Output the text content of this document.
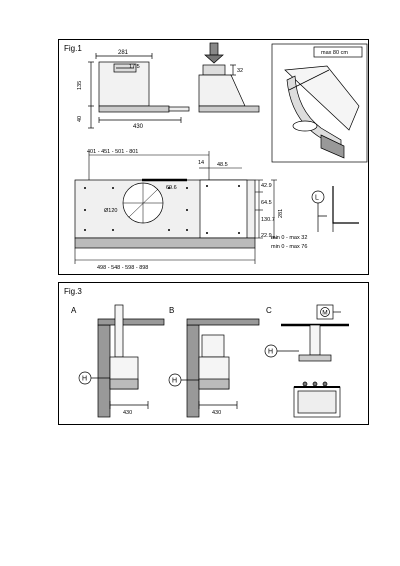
Fig.1	281
17.5
135
40
430
32
max 80 cm
401 - 451 - 501 - 801
14 48.5
69.6
Ø120
42.9
64.5
130.7
22.9
281
498 - 548 - 598 - 898
L
min 0 - max 32
min 0 - max 76
Fig.3
A	B	C
H
430
H
430
M
H
